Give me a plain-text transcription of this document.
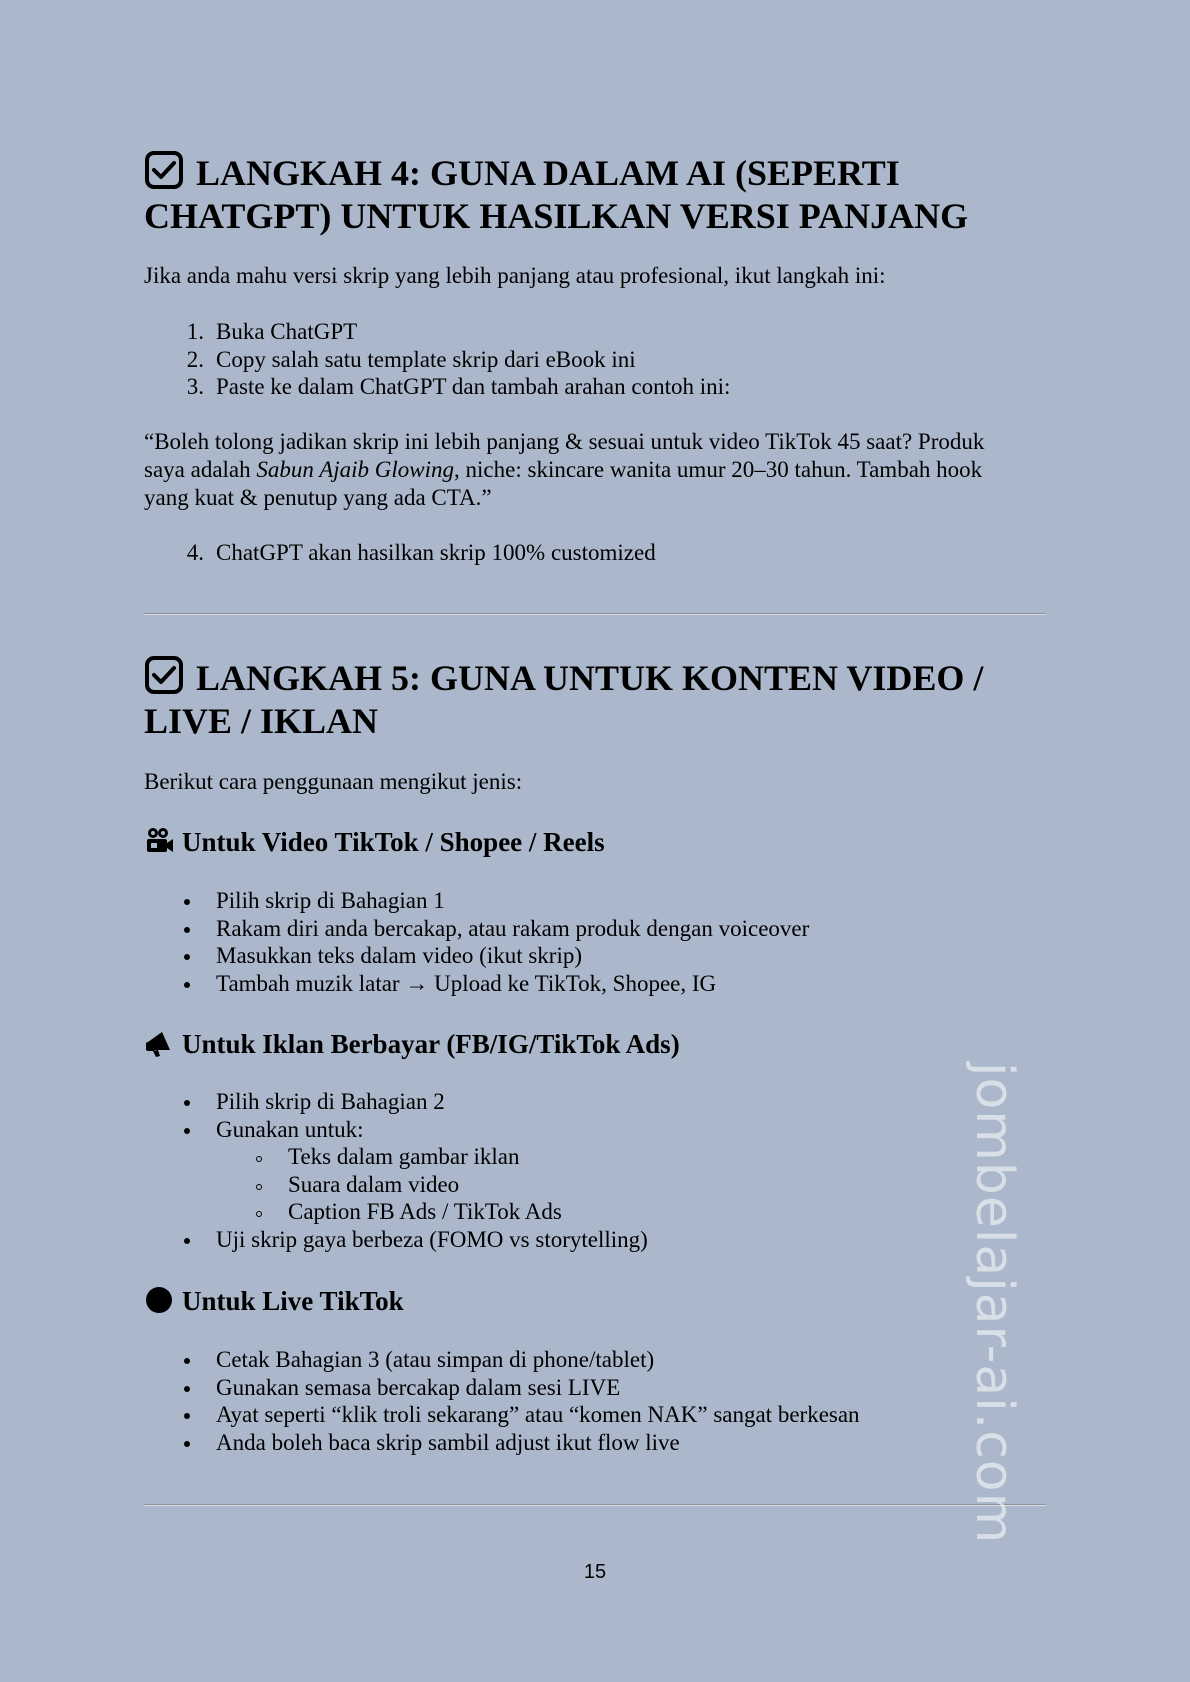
LANGKAH 4: GUNA DALAM AI (SEPERTI CHATGPT) UNTUK HASILKAN VERSI PANJANG

Jika anda mahu versi skrip yang lebih panjang atau profesional, ikut langkah ini:

1. Buka ChatGPT
2. Copy salah satu template skrip dari eBook ini
3. Paste ke dalam ChatGPT dan tambah arahan contoh ini:

“Boleh tolong jadikan skrip ini lebih panjang & sesuai untuk video TikTok 45 saat? Produk saya adalah Sabun Ajaib Glowing, niche: skincare wanita umur 20–30 tahun. Tambah hook yang kuat & penutup yang ada CTA.”

4. ChatGPT akan hasilkan skrip 100% customized
LANGKAH 5: GUNA UNTUK KONTEN VIDEO / LIVE / IKLAN

Berikut cara penggunaan mengikut jenis:

Untuk Video TikTok / Shopee / Reels
Pilih skrip di Bahagian 1
Rakam diri anda bercakap, atau rakam produk dengan voiceover
Masukkan teks dalam video (ikut skrip)
Tambah muzik latar → Upload ke TikTok, Shopee, IG
Untuk Iklan Berbayar (FB/IG/TikTok Ads)
Pilih skrip di Bahagian 2
Gunakan untuk:
Teks dalam gambar iklan
Suara dalam video
Caption FB Ads / TikTok Ads
Uji skrip gaya berbeza (FOMO vs storytelling)
Untuk Live TikTok
Cetak Bahagian 3 (atau simpan di phone/tablet)
Gunakan semasa bercakap dalam sesi LIVE
Ayat seperti “klik troli sekarang” atau “komen NAK” sangat berkesan
Anda boleh baca skrip sambil adjust ikut flow live
15
jombelajar-ai.com
